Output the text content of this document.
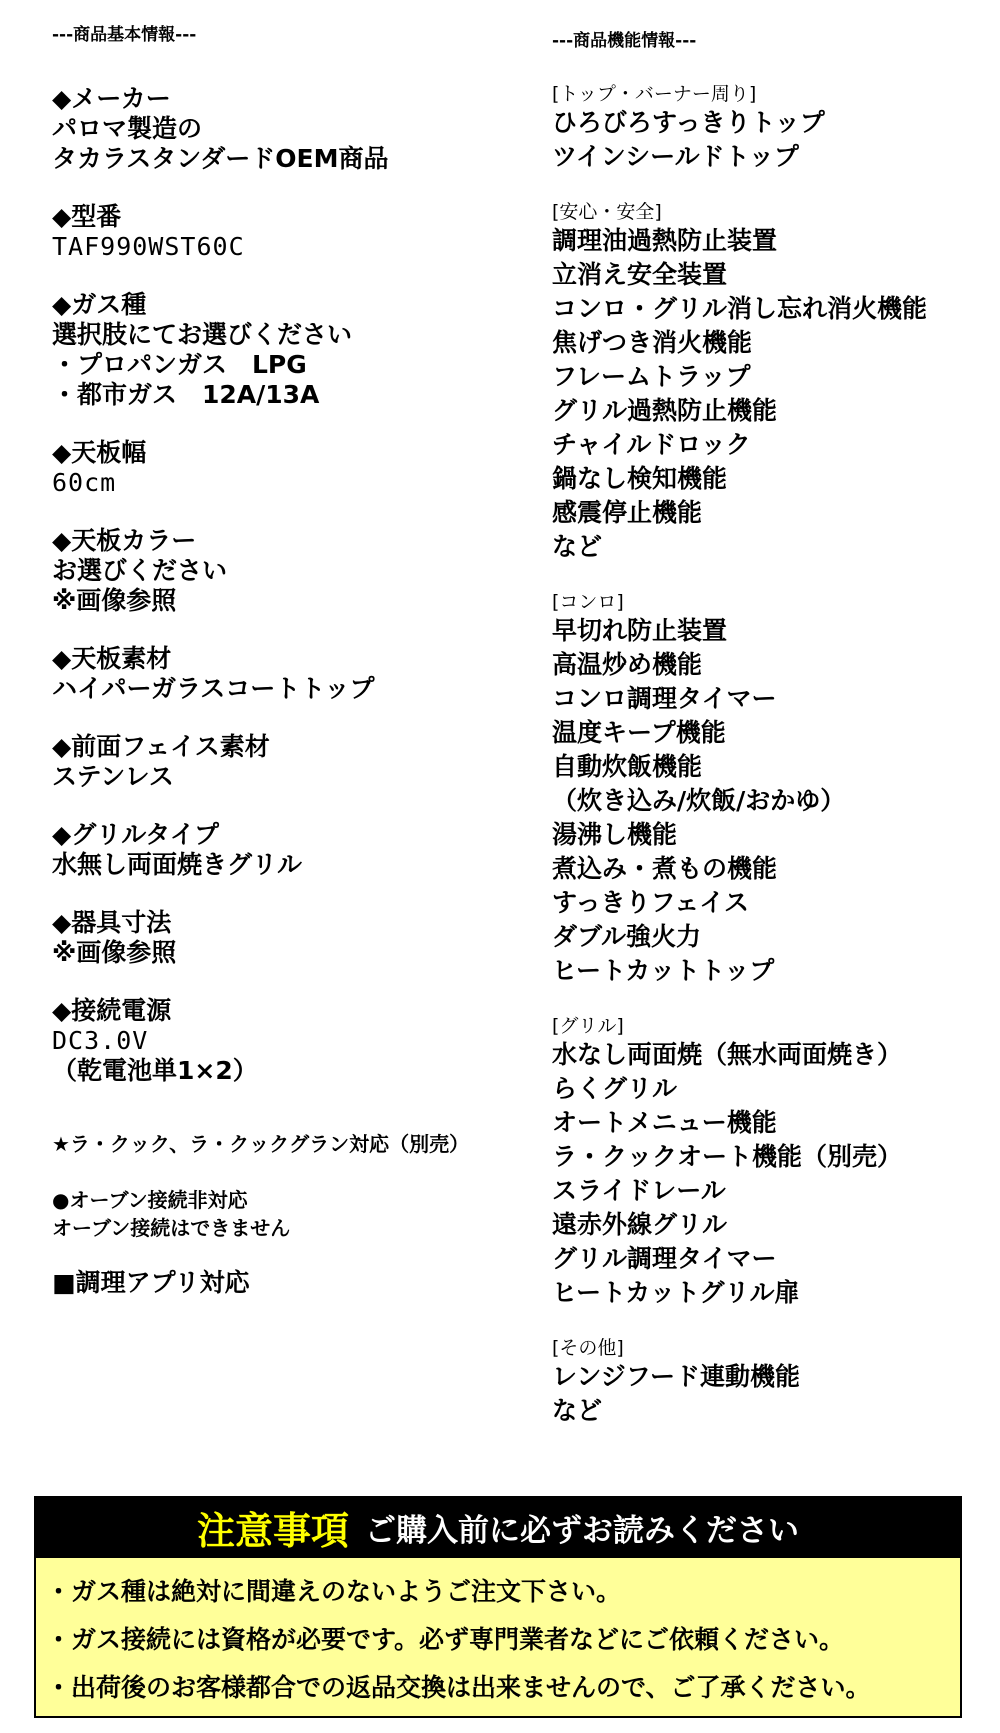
---商品基本情報---
◆メーカー
パロマ製造の
タカラスタンダードOEM商品
◆型番
TAF990WST60C
◆ガス種
選択肢にてお選びください
・プロパンガス　LPG
・都市ガス　12A/13A
◆天板幅
60cm
◆天板カラー
お選びください
※画像参照
◆天板素材
ハイパーガラスコートトップ
◆前面フェイス素材
ステンレス
◆グリルタイプ
水無し両面焼きグリル
◆器具寸法
※画像参照
◆接続電源
DC3.0V
（乾電池単1×2）
★ラ・クック、ラ・クックグラン対応（別売）
●オーブン接続非対応
オーブン接続はできません
■調理アプリ対応
---商品機能情報---
[トップ・バーナー周り]
ひろびろすっきりトップ
ツインシールドトップ
[安心・安全]
調理油過熱防止装置
立消え安全装置
コンロ・グリル消し忘れ消火機能
焦げつき消火機能
フレームトラップ
グリル過熱防止機能
チャイルドロック
鍋なし検知機能
感震停止機能
など
[コンロ]
早切れ防止装置
高温炒め機能
コンロ調理タイマー
温度キープ機能
自動炊飯機能
（炊き込み/炊飯/おかゆ）
湯沸し機能
煮込み・煮もの機能
すっきりフェイス
ダブル強火力
ヒートカットトップ
[グリル]
水なし両面焼（無水両面焼き）
らくグリル
オートメニュー機能
ラ・クックオート機能（別売）
スライドレール
遠赤外線グリル
グリル調理タイマー
ヒートカットグリル扉
[その他]
レンジフード連動機能
など
注意事項 ご購入前に必ずお読みください
・ガス種は絶対に間違えのないようご注文下さい。
・ガス接続には資格が必要です。必ず専門業者などにご依頼ください。
・出荷後のお客様都合での返品交換は出来ませんので、ご了承ください。
